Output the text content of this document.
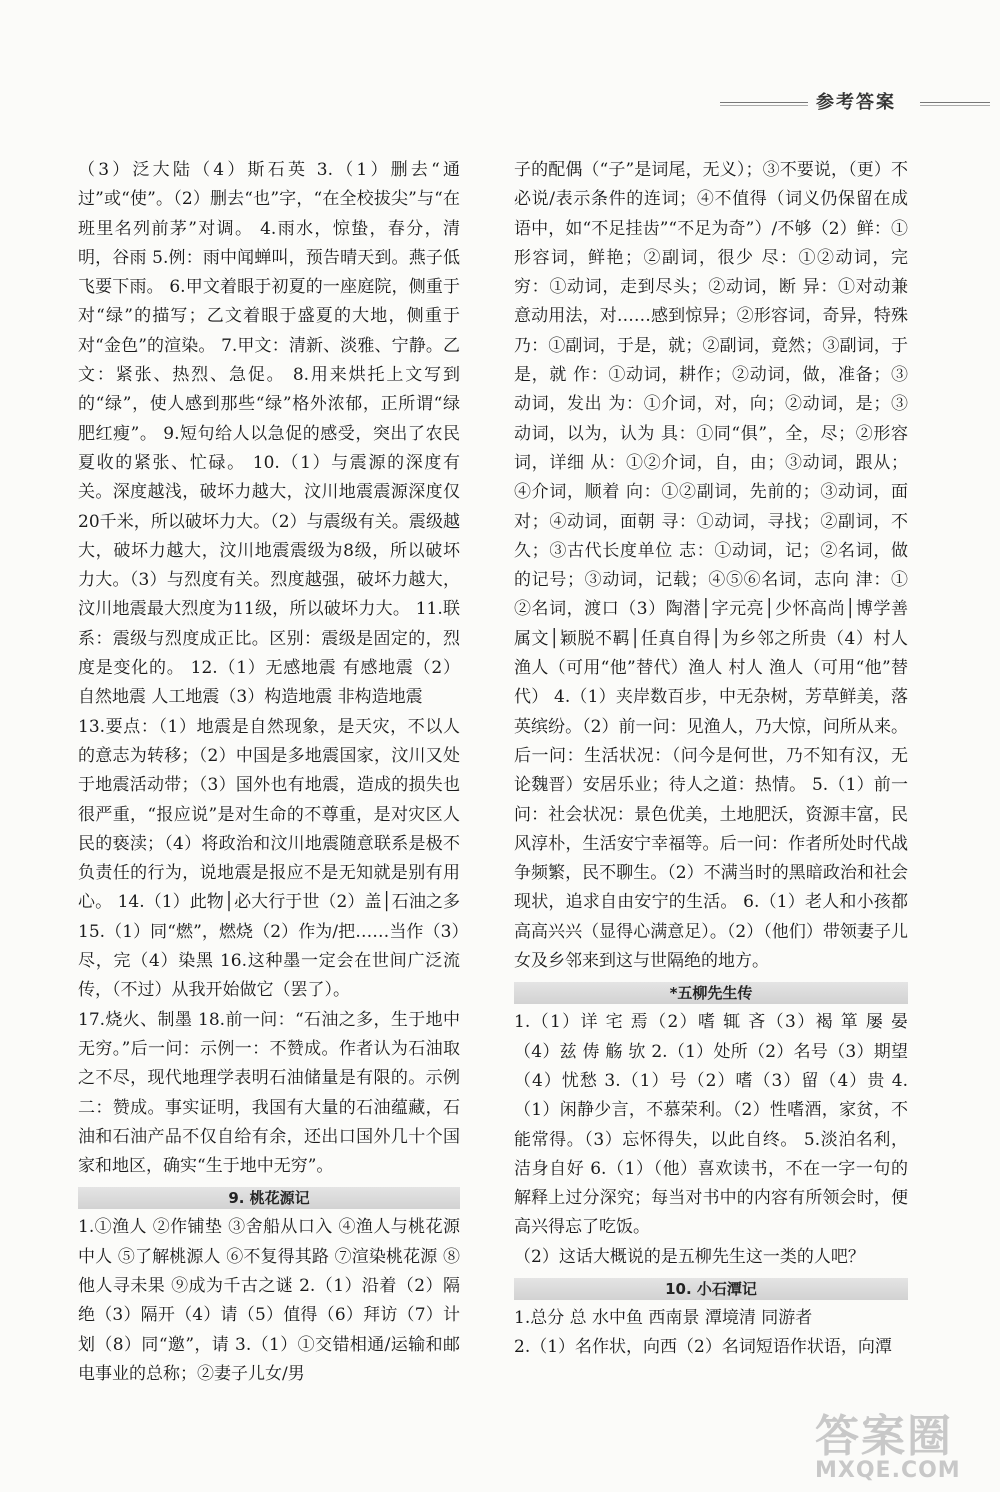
参考答案

（3）泛大陆（4）斯石英 3.（1）删去“通过”或“使”。（2）删去“也”字，“在全校拔尖”与“在班里名列前茅”对调。 4.雨水，惊蛰，春分，清明，谷雨 5.例：雨中闻蝉叫，预告晴天到。燕子低飞要下雨。 6.甲文着眼于初夏的一座庭院，侧重于对“绿”的描写；乙文着眼于盛夏的大地，侧重于对“金色”的渲染。 7.甲文：清新、淡雅、宁静。乙文：紧张、热烈、急促。 8.用来烘托上文写到的“绿”，使人感到那些“绿”格外浓郁，正所谓“绿肥红瘦”。 9.短句给人以急促的感受，突出了农民夏收的紧张、忙碌。 10.（1）与震源的深度有关。深度越浅，破坏力越大，汶川地震震源深度仅20千米，所以破坏力大。（2）与震级有关。震级越大，破坏力越大，汶川地震震级为8级，所以破坏力大。（3）与烈度有关。烈度越强，破坏力越大，汶川地震最大烈度为11级，所以破坏力大。 11.联系：震级与烈度成正比。区别：震级是固定的，烈度是变化的。 12.（1）无感地震 有感地震（2）自然地震 人工地震（3）构造地震 非构造地震

13.要点：（1）地震是自然现象，是天灾，不以人的意志为转移；（2）中国是多地震国家，汶川又处于地震活动带；（3）国外也有地震，造成的损失也很严重，“报应说”是对生命的不尊重，是对灾区人民的亵渎；（4）将政治和汶川地震随意联系是极不负责任的行为，说地震是报应不是无知就是别有用心。 14.（1）此物│必大行于世（2）盖│石油之多 15.（1）同“燃”，燃烧（2）作为/把……当作（3）尽，完（4）染黑 16.这种墨一定会在世间广泛流传，（不过）从我开始做它（罢了）。

17.烧火、制墨 18.前一问：“石油之多，生于地中无穷。”后一问：示例一：不赞成。作者认为石油取之不尽，现代地理学表明石油储量是有限的。示例二：赞成。事实证明，我国有大量的石油蕴藏，石油和石油产品不仅自给有余，还出口国外几十个国家和地区，确实“生于地中无穷”。

9. 桃花源记

1.①渔人 ②作铺垫 ③舍船从口入 ④渔人与桃花源中人 ⑤了解桃源人 ⑥不复得其路 ⑦渲染桃花源 ⑧他人寻未果 ⑨成为千古之谜 2.（1）沿着（2）隔绝（3）隔开（4）请（5）值得（6）拜访（7）计划（8）同“邀”，请 3.（1）①交错相通/运输和邮电事业的总称；②妻子儿女/男

子的配偶（“子”是词尾，无义）；③不要说，（更）不必说/表示条件的连词；④不值得（词义仍保留在成语中，如“不足挂齿”“不足为奇”）/不够（2）鲜：①形容词，鲜艳；②副词，很少 尽：①②动词，完 穷：①动词，走到尽头；②动词，断 异：①对动兼意动用法，对……感到惊异；②形容词，奇异，特殊 乃：①副词，于是，就；②副词，竟然；③副词，于是，就 作：①动词，耕作；②动词，做，准备；③动词，发出 为：①介词，对，向；②动词，是；③动词，以为，认为 具：①同“俱”，全，尽；②形容词，详细 从：①②介词，自，由；③动词，跟从；④介词，顺着 向：①②副词，先前的；③动词，面对；④动词，面朝 寻：①动词，寻找；②副词，不久；③古代长度单位 志：①动词，记；②名词，做的记号；③动词，记载；④⑤⑥名词，志向 津：①②名词，渡口（3）陶潜│字元亮│少怀高尚│博学善属文│颖脱不羁│任真自得│为乡邻之所贵（4）村人 渔人（可用“他”替代）渔人 村人 渔人（可用“他”替代） 4.（1）夹岸数百步，中无杂树，芳草鲜美，落英缤纷。（2）前一问：见渔人，乃大惊，问所从来。后一问：生活状况：（问今是何世，乃不知有汉，无论魏晋）安居乐业；待人之道：热情。 5.（1）前一问：社会状况：景色优美，土地肥沃，资源丰富，民风淳朴，生活安宁幸福等。后一问：作者所处时代战争频繁，民不聊生。（2）不满当时的黑暗政治和社会现状，追求自由安宁的生活。 6.（1）老人和小孩都高高兴兴（显得心满意足）。（2）（他们）带领妻子儿女及乡邻来到这与世隔绝的地方。

*五柳先生传

1.（1）详 宅 焉（2）嗜 辄 吝（3）褐 箪 屡 晏（4）兹 俦 觞 欤 2.（1）处所（2）名号（3）期望（4）忧愁 3.（1）号（2）嗜（3）留（4）贵 4.（1）闲静少言，不慕荣利。（2）性嗜酒，家贫，不能常得。（3）忘怀得失，以此自终。 5.淡泊名利，洁身自好 6.（1）（他）喜欢读书，不在一字一句的解释上过分深究；每当对书中的内容有所领会时，便高兴得忘了吃饭。

（2）这话大概说的是五柳先生这一类的人吧？

10. 小石潭记

1.总分 总 水中鱼 西南景 潭境清 同游者

2.（1）名作状，向西（2）名词短语作状语，向潭

答案圈
MXQE.COM
